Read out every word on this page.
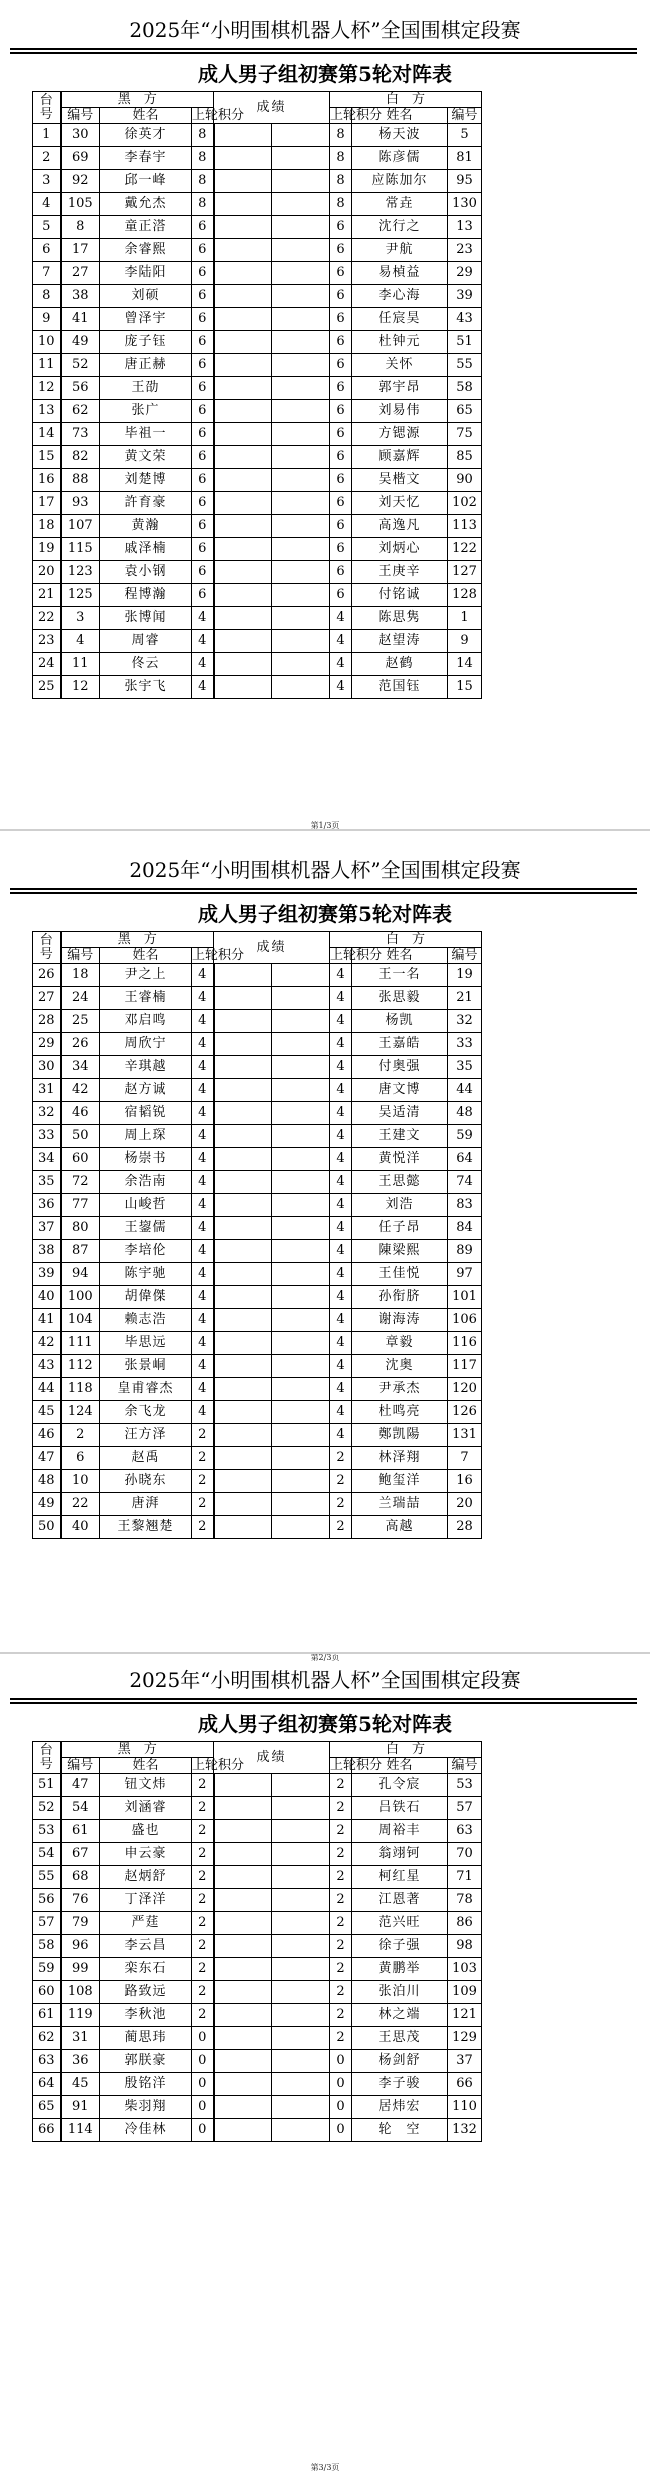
2025年“小明围棋机器人杯”全国围棋定段赛
成人男子组初赛第5轮对阵表
台
号	黑　方			成绩		白　方			
	编号	姓名	上轮积分			上轮积分	姓名	编号	
1	30	徐英才	8			8	杨天波	5	
2	69	李春宇	8			8	陈彦儒	81	
3	92	邱一峰	8			8	应陈加尔	95	
4	105	戴允杰	8			8	常垚	130	
5	8	童正溚	6			6	沈行之	13	
6	17	余睿熙	6			6	尹航	23	
7	27	李陆阳	6			6	易楨益	29	
8	38	刘硕	6			6	李心海	39	
9	41	曾泽宇	6			6	任宸昊	43	
10	49	庞子钰	6			6	杜钟元	51	
11	52	唐正赫	6			6	关怀	55	
12	56	王劭	6			6	郭宇昂	58	
13	62	张广	6			6	刘易伟	65	
14	73	毕祖一	6			6	方锶源	75	
15	82	黄文荣	6			6	顾嘉辉	85	
16	88	刘楚博	6			6	吴楷文	90	
17	93	許育豪	6			6	刘天忆	102	
18	107	黄瀚	6			6	高逸凡	113	
19	115	戚泽楠	6			6	刘炳心	122	
20	123	袁小钢	6			6	王庚辛	127	
21	125	程博瀚	6			6	付铭诚	128	
22	3	张博闻	4			4	陈思隽	1	
23	4	周睿	4			4	赵望涛	9	
24	11	佟云	4			4	赵鹤	14	
25	12	张宇飞	4			4	范国钰	15	
第1/3页
2025年“小明围棋机器人杯”全国围棋定段赛
成人男子组初赛第5轮对阵表
台
号	黑　方			成绩		白　方			
	编号	姓名	上轮积分			上轮积分	姓名	编号	
26	18	尹之上	4			4	王一名	19	
27	24	王睿楠	4			4	张思毅	21	
28	25	邓启鸣	4			4	杨凯	32	
29	26	周欣宁	4			4	王嘉皓	33	
30	34	辛琪越	4			4	付奥强	35	
31	42	赵方诚	4			4	唐文博	44	
32	46	宿韬锐	4			4	吴适清	48	
33	50	周上琛	4			4	王建文	59	
34	60	杨崇书	4			4	黄悦洋	64	
35	72	余浩南	4			4	王思懿	74	
36	77	山峻哲	4			4	刘浩	83	
37	80	王鋆儒	4			4	任子昂	84	
38	87	李培伦	4			4	陳梁熙	89	
39	94	陈宇驰	4			4	王佳悦	97	
40	100	胡偉傑	4			4	孙衔脐	101	
41	104	赖志浩	4			4	谢海涛	106	
42	111	毕思远	4			4	章毅	116	
43	112	张景峒	4			4	沈奥	117	
44	118	皇甫睿杰	4			4	尹承杰	120	
45	124	余飞龙	4			4	杜鸣亮	126	
46	2	汪方泽	2			4	鄭凯陽	131	
47	6	赵禹	2			2	林泽翔	7	
48	10	孙晓东	2			2	鲍玺洋	16	
49	22	唐湃	2			2	兰瑞喆	20	
50	40	王黎翘楚	2			2	高越	28	
第2/3页
2025年“小明围棋机器人杯”全国围棋定段赛
成人男子组初赛第5轮对阵表
台
号	黑　方			成绩		白　方			
	编号	姓名	上轮积分			上轮积分	姓名	编号	
51	47	钮文炜	2			2	孔令宸	53	
52	54	刘涵睿	2			2	吕铁石	57	
53	61	盛也	2			2	周裕丰	63	
54	67	申云豪	2			2	翁翊钶	70	
55	68	赵炳舒	2			2	柯红星	71	
56	76	丁泽洋	2			2	江恩著	78	
57	79	严莛	2			2	范兴旺	86	
58	96	李云昌	2			2	徐子强	98	
59	99	栾东石	2			2	黄鹏举	103	
60	108	路致远	2			2	张泊川	109	
61	119	李秋池	2			2	林之端	121	
62	31	蔺思玮	0			2	王思茂	129	
63	36	郭朕豪	0			0	杨剑舒	37	
64	45	殷铭洋	0			0	李子骏	66	
65	91	柴羽翔	0			0	居炜宏	110	
66	114	冷佳林	0			0	轮　空	132	
第3/3页
